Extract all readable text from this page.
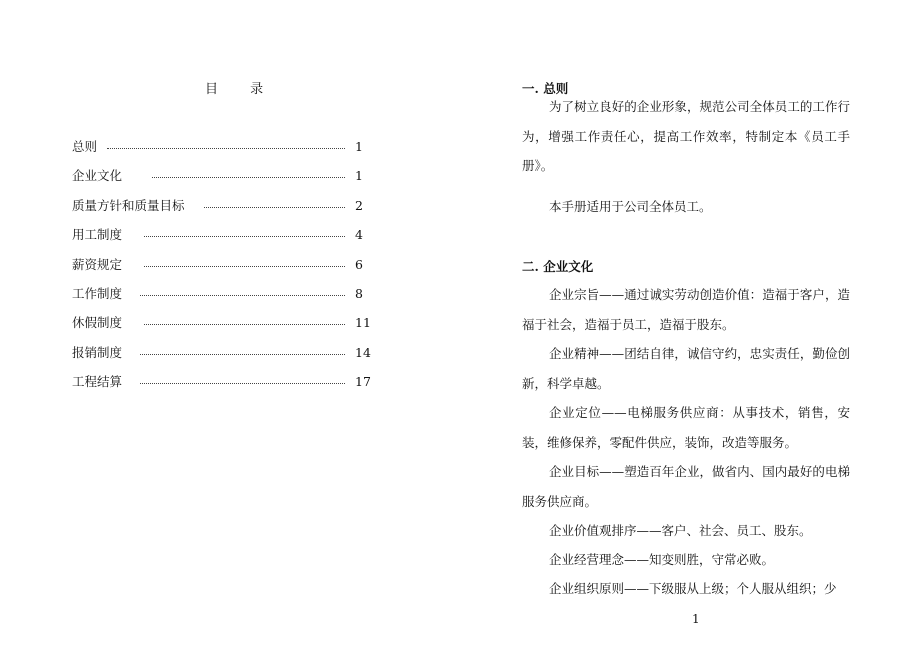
目 录
总则	1
企业文化	1
质量方针和质量目标	2
用工制度	4
薪资规定	6
工作制度	8
休假制度	11
报销制度	14
工程结算	17
一. 总则

为了树立良好的企业形象，规范公司全体员工的工作行为，增强工作责任心，提高工作效率，特制定本《员工手册》。

本手册适用于公司全体员工。

二. 企业文化

企业宗旨——通过诚实劳动创造价值：造福于客户，造福于社会，造福于员工，造福于股东。

企业精神——团结自律，诚信守约，忠实责任，勤俭创新，科学卓越。

企业定位——电梯服务供应商：从事技术，销售，安装，维修保养，零配件供应，装饰，改造等服务。

企业目标——塑造百年企业，做省内、国内最好的电梯服务供应商。

企业价值观排序——客户、社会、员工、股东。

企业经营理念——知变则胜，守常必败。

企业组织原则——下级服从上级；个人服从组织；少

1
